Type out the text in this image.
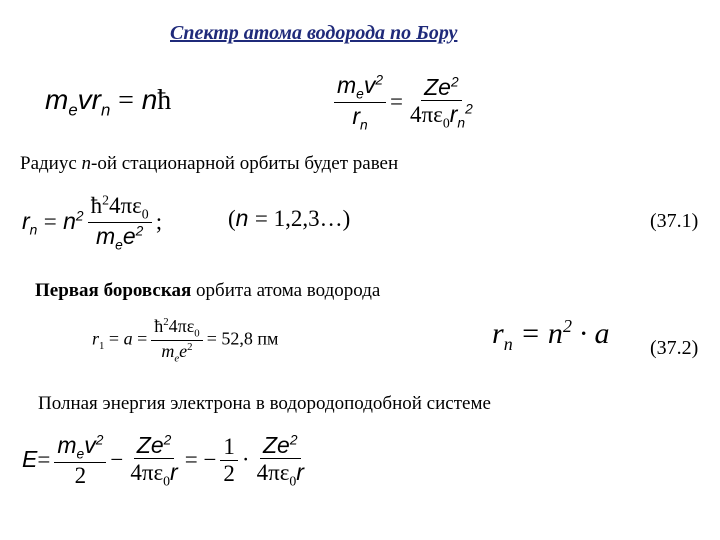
Спектр атома водорода по Бору
$m_evr_n$ = nħ	$\frac{m_ev^2}{r_n} = \frac{Ze^2}{4\pi\varepsilon_0r_n^2}$
Радиус n-ой стационарной орбиты будет равен
$r_n = n^2 \frac{ħ^24\pi\varepsilon_0}{m_ee^2}$ ;	(n = 1,2,3…)	(37.1)
Первая боровская орбита атома водорода
$r_1 = a = \frac{ħ^24\pi\varepsilon_0}{m_ee^2} = 52,8$ пм	$r_n = n^2 \cdot a$ (37.2)
Полная энергия электрона в водородоподобной системе
$E= \frac{m_ev^2}{2} - \frac{Ze^2}{4\pi\varepsilon_0r}$ = − $\frac{1}{2} \cdot \frac{Ze^2}{4\pi\varepsilon_0r}$
